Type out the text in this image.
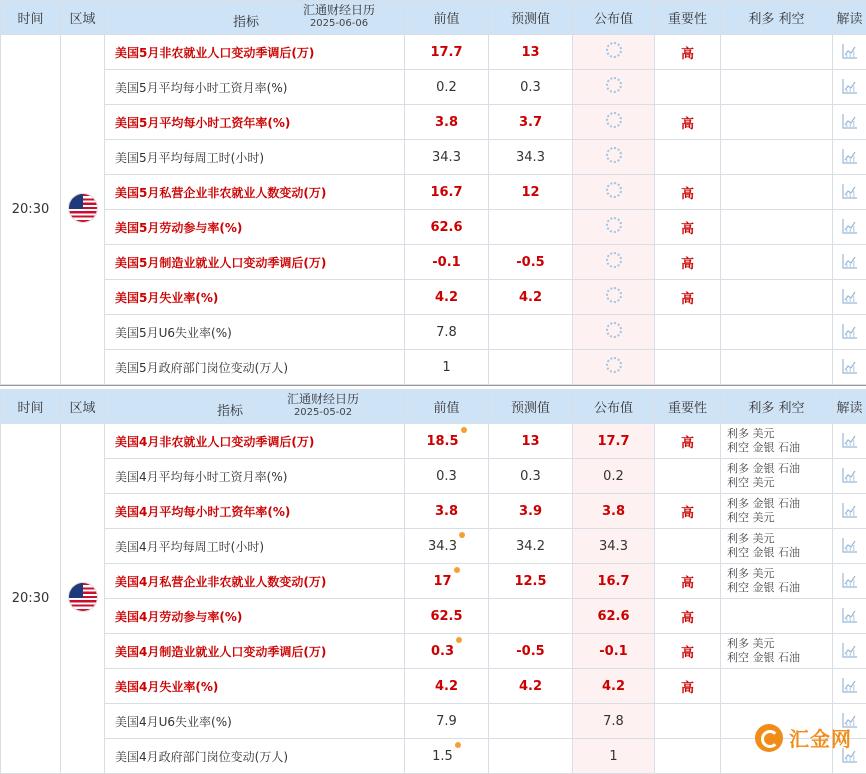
时间	区域	指标
汇通财经日历
2025-06-06	前值	预测值	公布值	重要性	利多 利空	解读
20:30		美国5月非农就业人口变动季调后(万)	17.7	13		高		
		美国5月平均每小时工资月率(%)	0.2	0.3				
		美国5月平均每小时工资年率(%)	3.8	3.7		高		
		美国5月平均每周工时(小时)	34.3	34.3				
		美国5月私营企业非农就业人数变动(万)	16.7	12		高		
		美国5月劳动参与率(%)	62.6			高		
		美国5月制造业就业人口变动季调后(万)	-0.1	-0.5		高		
		美国5月失业率(%)	4.2	4.2		高		
		美国5月U6失业率(%)	7.8					
		美国5月政府部门岗位变动(万人)	1					
时间	区域	指标
汇通财经日历
2025-05-02	前值	预测值	公布值	重要性	利多 利空	解读
20:30		美国4月非农就业人口变动季调后(万)	18.5	13	17.7	高	利多 美元
利空 金银 石油

		美国4月平均每小时工资月率(%)	0.3	0.3	0.2		利多 金银 石油
利空 美元

		美国4月平均每小时工资年率(%)	3.8	3.9	3.8	高	利多 金银 石油
利空 美元

		美国4月平均每周工时(小时)	34.3	34.2	34.3		利多 美元
利空 金银 石油

		美国4月私营企业非农就业人数变动(万)	17	12.5	16.7	高	利多 美元
利空 金银 石油

		美国4月劳动参与率(%)	62.5		62.6	高	

		美国4月制造业就业人口变动季调后(万)	0.3	-0.5	-0.1	高	利多 美元
利空 金银 石油

		美国4月失业率(%)	4.2	4.2	4.2	高	

		美国4月U6失业率(%)	7.9		7.8		

		美国4月政府部门岗位变动(万人)	1.5		1		

汇金网
